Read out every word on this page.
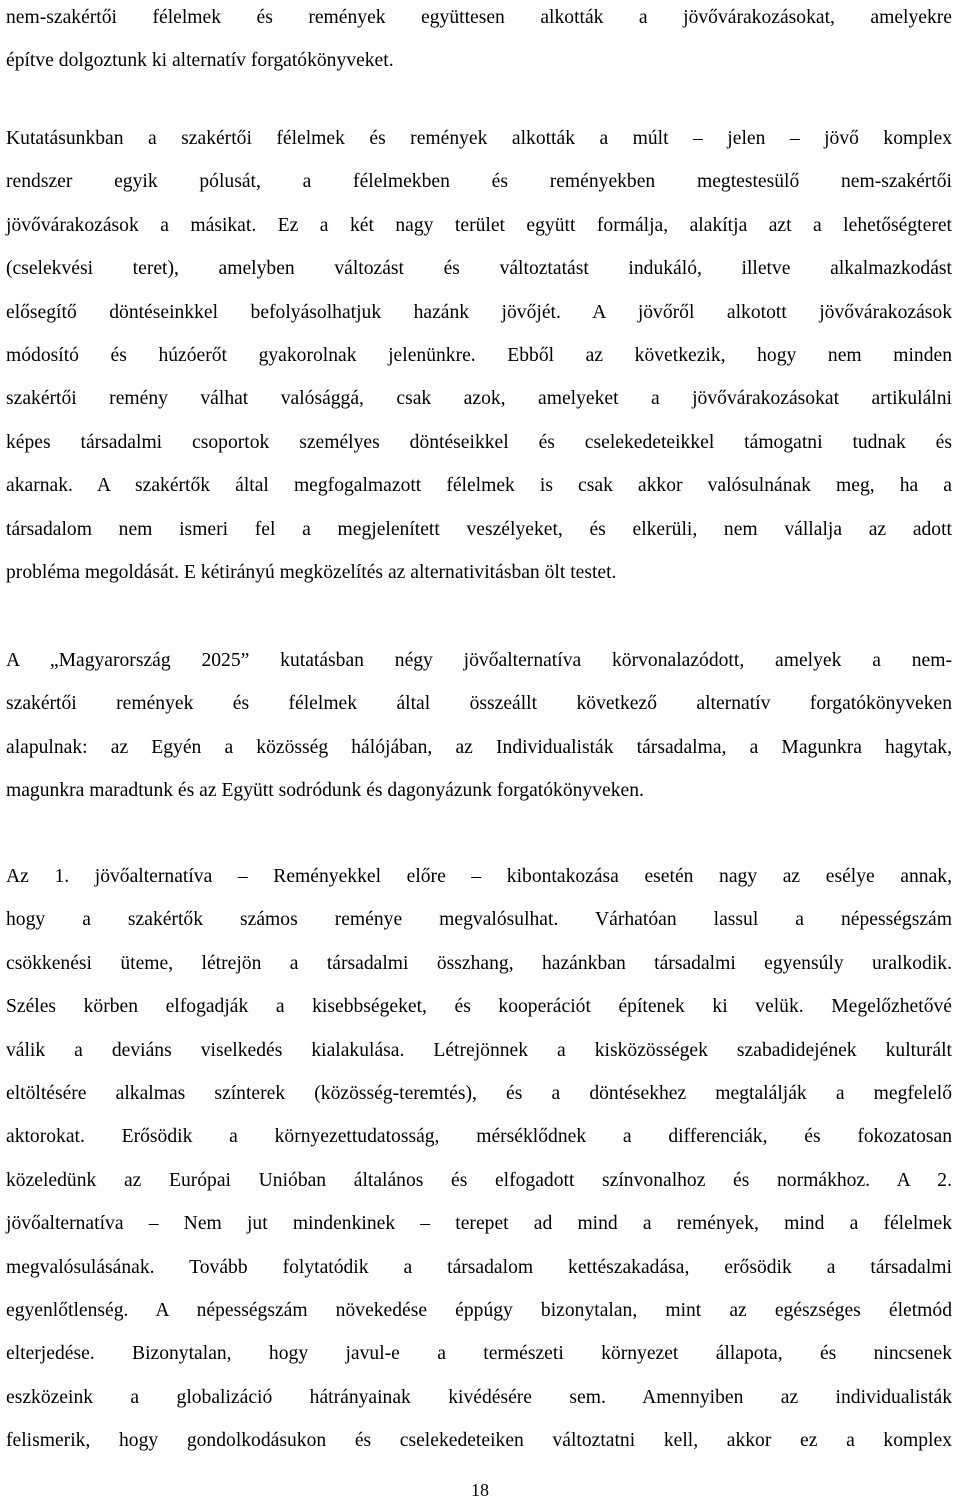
nem-szakértői félelmek és remények együttesen alkották a jövővárakozásokat, amelyekre
építve dolgoztunk ki alternatív forgatókönyveket.
Kutatásunkban a szakértői félelmek és remények alkották a múlt – jelen – jövő komplex
rendszer egyik pólusát, a félelmekben és reményekben megtestesülő nem-szakértői
jövővárakozások a másikat. Ez a két nagy terület együtt formálja, alakítja azt a lehetőségteret
(cselekvési teret), amelyben változást és változtatást indukáló, illetve alkalmazkodást
elősegítő döntéseinkkel befolyásolhatjuk hazánk jövőjét. A jövőről alkotott jövővárakozások
módosító és húzóerőt gyakorolnak jelenünkre. Ebből az következik, hogy nem minden
szakértői remény válhat valósággá, csak azok, amelyeket a jövővárakozásokat artikulálni
képes társadalmi csoportok személyes döntéseikkel és cselekedeteikkel támogatni tudnak és
akarnak. A szakértők által megfogalmazott félelmek is csak akkor valósulnának meg, ha a
társadalom nem ismeri fel a megjelenített veszélyeket, és elkerüli, nem vállalja az adott
probléma megoldását. E kétirányú megközelítés az alternativitásban ölt testet.
A „Magyarország 2025” kutatásban négy jövőalternatíva körvonalazódott, amelyek a nem-
szakértői remények és félelmek által összeállt következő alternatív forgatókönyveken
alapulnak: az Egyén a közösség hálójában, az Individualisták társadalma, a Magunkra hagytak,
magunkra maradtunk és az Együtt sodródunk és dagonyázunk forgatókönyveken.
Az 1. jövőalternatíva – Reményekkel előre – kibontakozása esetén nagy az esélye annak,
hogy a szakértők számos reménye megvalósulhat. Várhatóan lassul a népességszám
csökkenési üteme, létrejön a társadalmi összhang, hazánkban társadalmi egyensúly uralkodik.
Széles körben elfogadják a kisebbségeket, és kooperációt építenek ki velük. Megelőzhetővé
válik a deviáns viselkedés kialakulása. Létrejönnek a kisközösségek szabadidejének kulturált
eltöltésére alkalmas színterek (közösség-teremtés), és a döntésekhez megtalálják a megfelelő
aktorokat. Erősödik a környezettudatosság, mérséklődnek a differenciák, és fokozatosan
közeledünk az Európai Unióban általános és elfogadott színvonalhoz és normákhoz. A 2.
jövőalternatíva – Nem jut mindenkinek – terepet ad mind a remények, mind a félelmek
megvalósulásának. Tovább folytatódik a társadalom kettészakadása, erősödik a társadalmi
egyenlőtlenség. A népességszám növekedése éppúgy bizonytalan, mint az egészséges életmód
elterjedése. Bizonytalan, hogy javul-e a természeti környezet állapota, és nincsenek
eszközeink a globalizáció hátrányainak kivédésére sem. Amennyiben az individualisták
felismerik, hogy gondolkodásukon és cselekedeteiken változtatni kell, akkor ez a komplex
18
